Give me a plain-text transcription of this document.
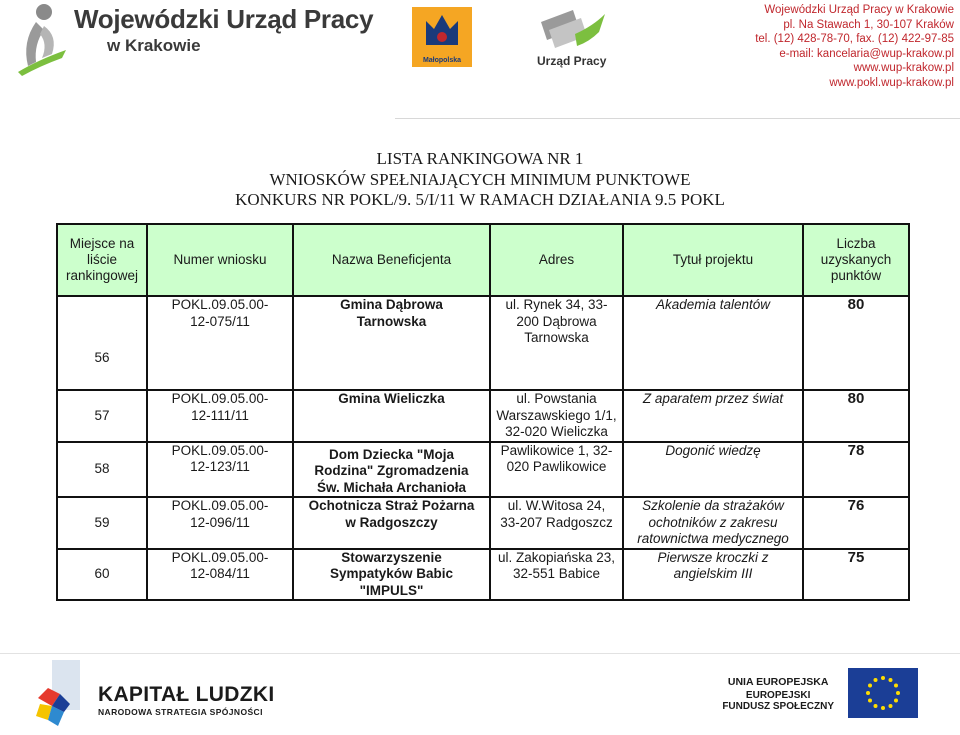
Wojewódzki Urząd Pracy
w Krakowie
Małopolska	Urząd Pracy
Wojewódzki Urząd Pracy w Krakowie
pl. Na Stawach 1, 30-107 Kraków
tel. (12) 428-78-70, fax. (12) 422-97-85
e-mail: kancelaria@wup-krakow.pl
www.wup-krakow.pl
www.pokl.wup-krakow.pl
LISTA RANKINGOWA NR 1
WNIOSKÓW SPEŁNIAJĄCYCH MINIMUM PUNKTOWE
KONKURS NR POKL/9. 5/I/11 W RAMACH DZIAŁANIA 9.5 POKL
Miejsce na liście rankingowej	Numer wniosku	Nazwa Beneficjenta	Adres	Tytuł projektu	Liczba uzyskanych punktów
56	POKL.09.05.00-12-075/11	Gmina Dąbrowa Tarnowska	ul. Rynek 34, 33-200 Dąbrowa Tarnowska	Akademia talentów	80
57	POKL.09.05.00-12-111/11	Gmina Wieliczka	ul. Powstania Warszawskiego 1/1, 32-020 Wieliczka	Z aparatem przez świat	80
58	POKL.09.05.00-12-123/11	Dom Dziecka "Moja Rodzina" Zgromadzenia Św. Michała Archanioła	Pawlikowice 1, 32-020 Pawlikowice	Dogonić wiedzę	78
59	POKL.09.05.00-12-096/11	Ochotnicza Straż Pożarna w Radgoszczy	ul. W.Witosa 24, 33-207 Radgoszcz	Szkolenie da strażaków ochotników z zakresu ratownictwa medycznego	76
60	POKL.09.05.00-12-084/11	Stowarzyszenie Sympatyków Babic "IMPULS"	ul. Zakopiańska 23, 32-551 Babice	Pierwsze kroczki z angielskim III	75
KAPITAŁ LUDZKI
NARODOWA STRATEGIA SPÓJNOŚCI
UNIA EUROPEJSKA
EUROPEJSKI
FUNDUSZ SPOŁECZNY
